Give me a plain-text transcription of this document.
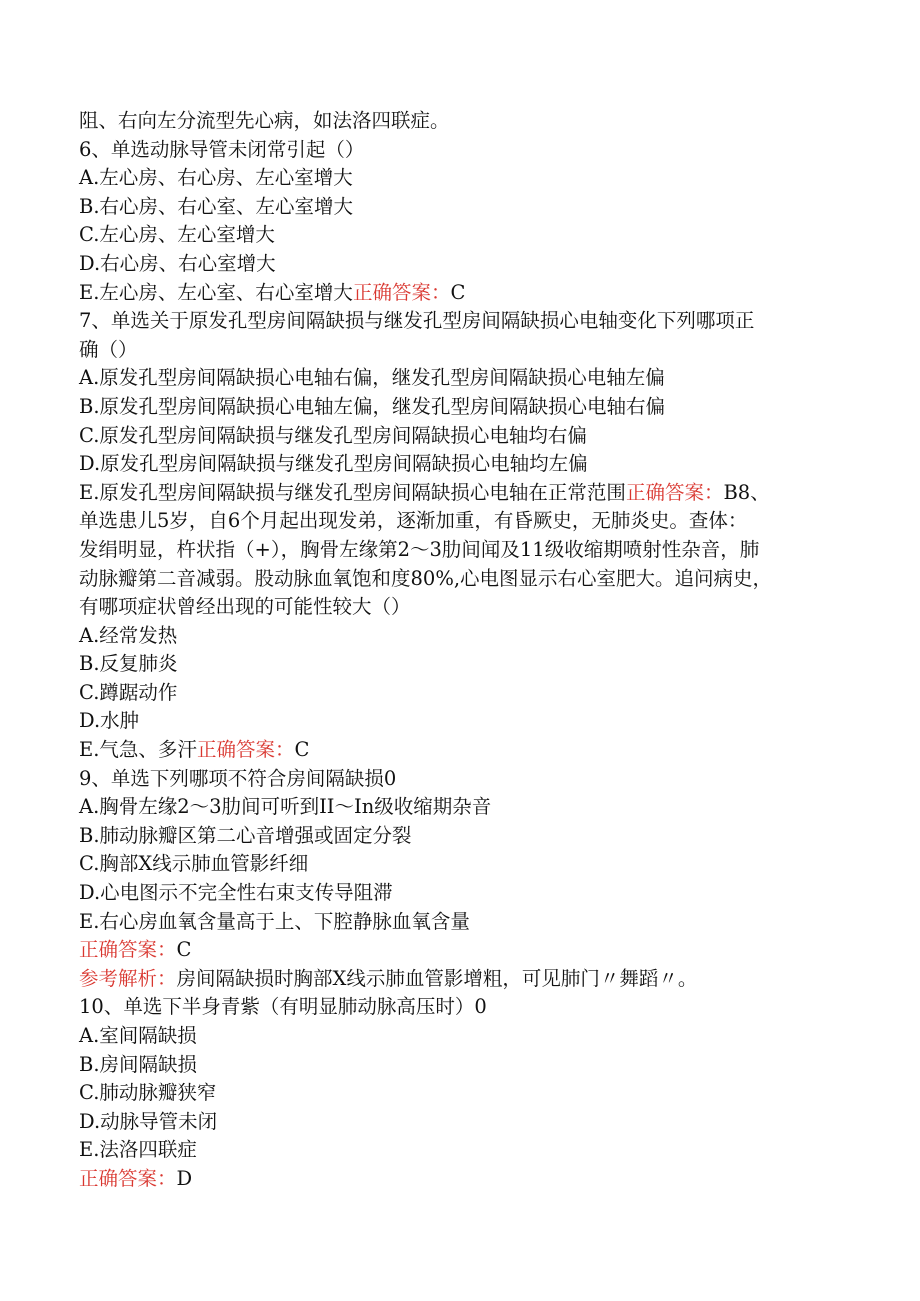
阻、右向左分流型先心病，如法洛四联症。

6、单选动脉导管未闭常引起（）

A.左心房、右心房、左心室增大

B.右心房、右心室、左心室增大

C.左心房、左心室增大

D.右心房、右心室增大

E.左心房、左心室、右心室增大正确答案：C

7、单选关于原发孔型房间隔缺损与继发孔型房间隔缺损心电轴变化下列哪项正

确（）

A.原发孔型房间隔缺损心电轴右偏，继发孔型房间隔缺损心电轴左偏

B.原发孔型房间隔缺损心电轴左偏，继发孔型房间隔缺损心电轴右偏

C.原发孔型房间隔缺损与继发孔型房间隔缺损心电轴均右偏

D.原发孔型房间隔缺损与继发孔型房间隔缺损心电轴均左偏

E.原发孔型房间隔缺损与继发孔型房间隔缺损心电轴在正常范围正确答案：B8、

单选患儿5岁，自6个月起出现发弟，逐渐加重，有昏厥史，无肺炎史。查体：

发绢明显，杵状指（+），胸骨左缘第2～3肋间闻及11级收缩期喷射性杂音，肺

动脉瓣第二音减弱。股动脉血氧饱和度80%,心电图显示右心室肥大。追问病史，

有哪项症状曾经出现的可能性较大（）

A.经常发热

B.反复肺炎

C.蹲踞动作

D.水肿

E.气急、多汗正确答案：C

9、单选下列哪项不符合房间隔缺损0

A.胸骨左缘2～3肋间可听到II～In级收缩期杂音

B.肺动脉瓣区第二心音增强或固定分裂

C.胸部X线示肺血管影纤细

D.心电图示不完全性右束支传导阻滞

E.右心房血氧含量高于上、下腔静脉血氧含量

正确答案：C

参考解析：房间隔缺损时胸部X线示肺血管影增粗，可见肺门〃舞蹈〃。

10、单选下半身青紫（有明显肺动脉高压时）0

A.室间隔缺损

B.房间隔缺损

C.肺动脉瓣狭窄

D.动脉导管未闭

E.法洛四联症

正确答案：D
